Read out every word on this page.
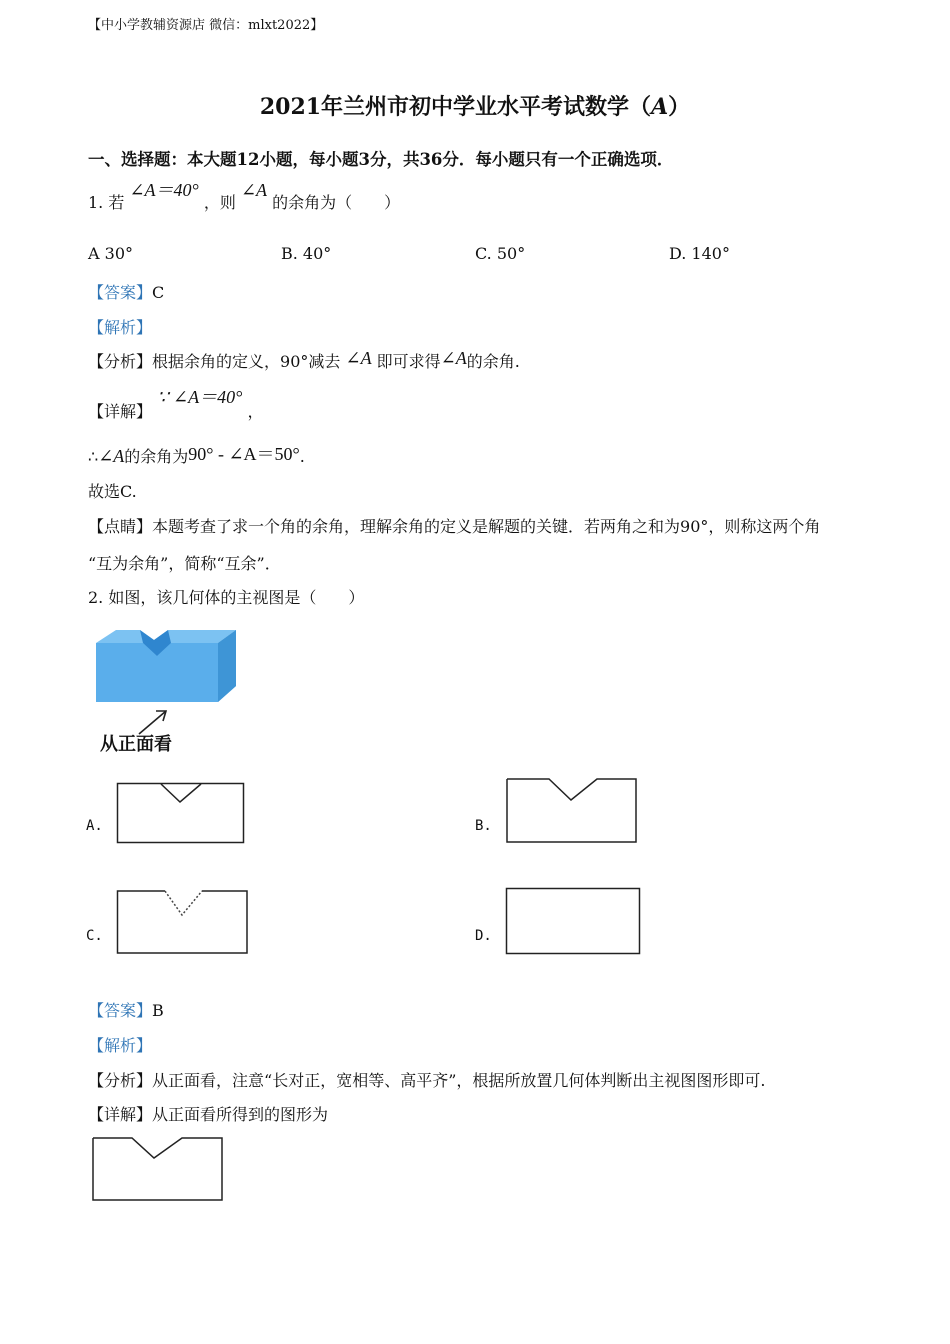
【中小学教辅资源店 微信：mlxt2022】
2021年兰州市初中学业水平考试数学（A）
一、选择题：本大题12小题，每小题3分，共36分．每小题只有一个正确选项．
1. 若 ∠A＝40° ，则 ∠A 的余角为（　　）
A 30°	B. 40°	C. 50°	D. 140°
【答案】C
【解析】
【分析】根据余角的定义，90°减去 ∠A 即可求得∠A的余角.
【详解】 ∵ ∠A＝40° ，
∴∠A的余角为90° - ∠A＝50°.
故选C.
【点睛】本题考查了求一个角的余角，理解余角的定义是解题的关键．若两角之和为90°，则称这两个角
“互为余角”，简称“互余”．
2. 如图，该几何体的主视图是（　　）
从正面看
A.	B.
C.	D.
【答案】B
【解析】
【分析】从正面看，注意“长对正，宽相等、高平齐”，根据所放置几何体判断出主视图图形即可.
【详解】从正面看所得到的图形为
